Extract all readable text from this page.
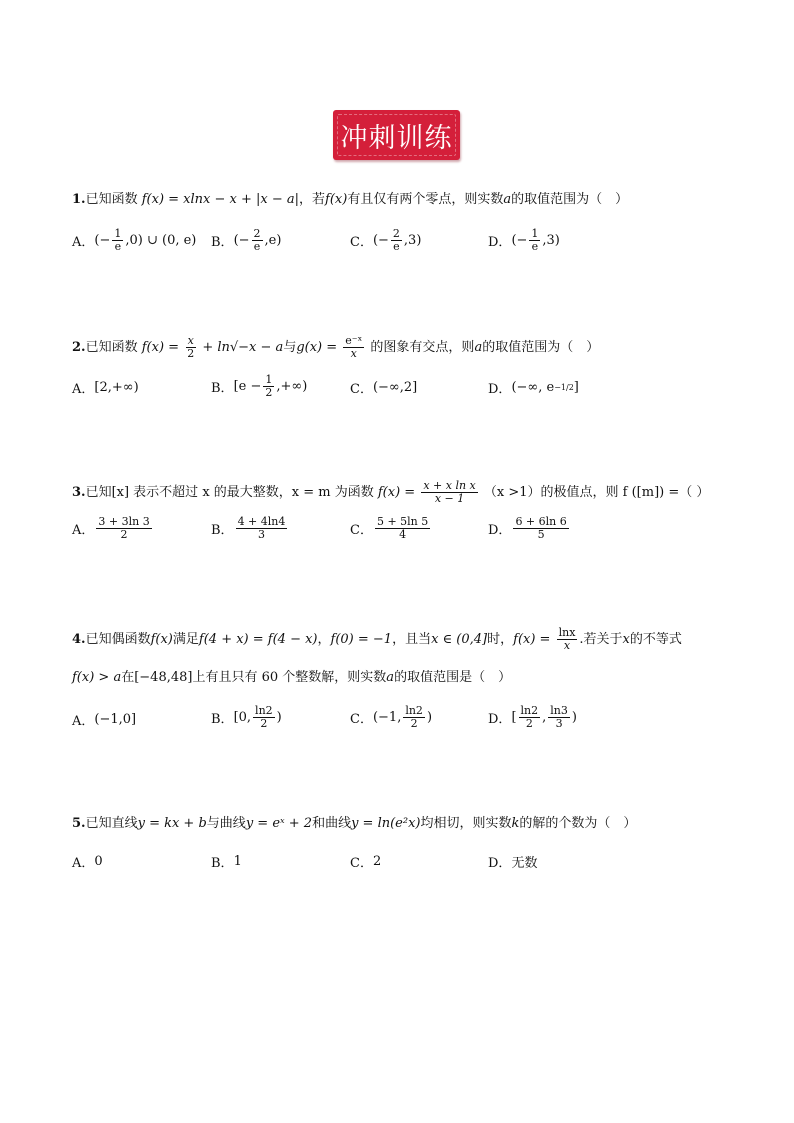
冲刺训练
1.已知函数 f(x) = xlnx − x + |x − a|，若f(x)有且仅有两个零点，则实数a的取值范围为（　）
A． (− $\frac{1}{e} ,0$) ∪ (0, e) B． (− $\frac{2}{e} ,e$)	C． (− $\frac{2}{e} ,3$)	D． (− $\frac{1}{e} ,3$)
2.已知函数 $f(x) = \frac{x}{2} + \ln√-x - a$与$g(x) = \frac{\text{e⁻ˣ}}{x}$ 的图象有交点，则a的取值范围为（　）
A． [2,+∞)	B． [$e - \frac{1}{2}$ ,+∞)	C． (−∞,2]	D． (−∞, e −1/2 ]
3.已知[x] 表示不超过 x 的最大整数，x = m 为函数 $f(x) = \frac{\text{x + x ln x}}{x - 1} (x >1)$的极值点，则 f ([m]) =（ ）
A． $\frac{3 + 3\ln 3}{2}$	B． $\frac{4 + 4\ln 4}{3}$	C． $\frac{5 + 5\ln 5}{4}$	D． $\frac{6 + 6\ln 6}{5}$
4.已知偶函数f(x)满足f(4 + x) = f(4 − x)，f(0) = −1，且当x ∈ (0,4]时，$f(x) = \frac{\ln x}{x}$ .若关于x的不等式
f(x) > a在[−48,48]上有且只有 60 个整数解，则实数a的取值范围是（　）
A． (−1,0]	B． [0, $\frac{\ln 2}{2}$ )	C． (−1, $\frac{\ln 2}{2}$ )	D． [ $\frac{\ln 2}{2}$ , $\frac{\ln 3}{3}$ )
5.已知直线y = kx + b与曲线y = eˣ + 2和曲线y = ln(e²x)均相切，则实数k的解的个数为（　）
A． 0	B． 1	C． 2	D． 无数
